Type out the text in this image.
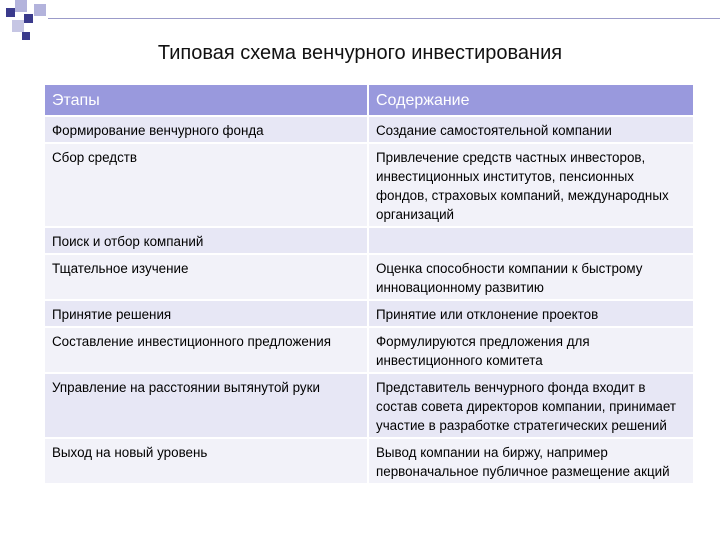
Типовая схема венчурного инвестирования
Этапы	Содержание
Формирование венчурного фонда	Создание самостоятельной компании
Сбор средств	Привлечение средств частных инвесторов, инвестиционных институтов, пенсионных фондов, страховых компаний, международных организаций
Поиск и отбор компаний	
Тщательное изучение	Оценка способности компании к быстрому инновационному развитию
Принятие решения	Принятие или отклонение проектов
Составление инвестиционного предложения	Формулируются предложения для инвестиционного комитета
Управление на расстоянии вытянутой руки	Представитель венчурного фонда входит в состав совета директоров компании, принимает участие в разработке стратегических решений
Выход на новый уровень	Вывод компании на биржу, например первоначальное публичное размещение акций
